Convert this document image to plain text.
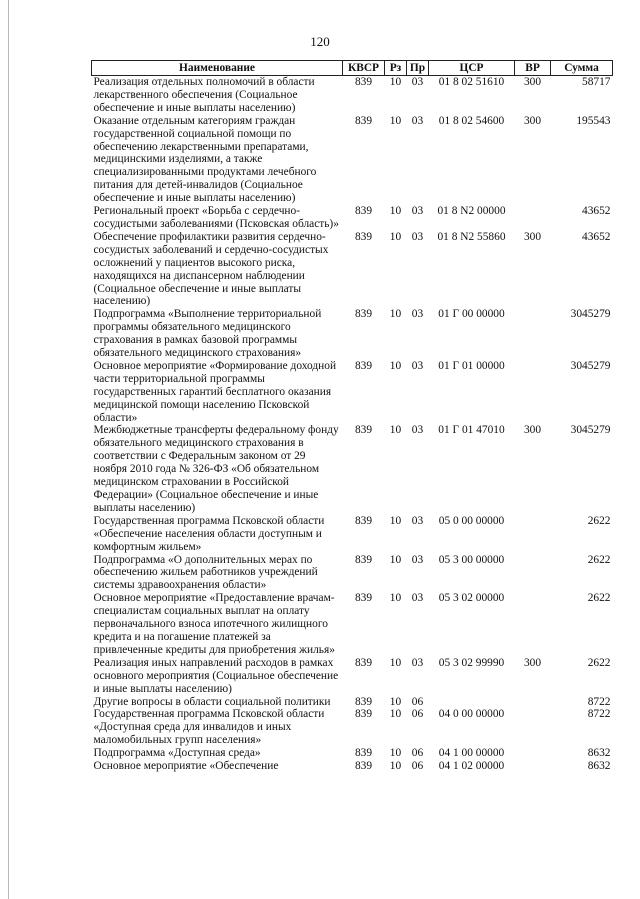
120
Наименование	КВСР	Рз	Пр	ЦСР	ВР	Сумма
Реализация отдельных полномочий в области лекарственного обеспечения (Социальное обеспечение и иные выплаты населению)	839	10	03	01 8 02 51610	300	58717
Оказание отдельным категориям граждан государственной социальной помощи по обеспечению лекарственными препаратами, медицинскими изделиями, а также специализированными продуктами лечебного питания для детей-инвалидов (Социальное обеспечение и иные выплаты населению)	839	10	03	01 8 02 54600	300	195543
Региональный проект «Борьба с сердечно-сосудистыми заболеваниями (Псковская область)»	839	10	03	01 8 N2 00000		43652
Обеспечение профилактики развития сердечно-сосудистых заболеваний и сердечно-сосудистых осложнений у пациентов высокого риска, находящихся на диспансерном наблюдении (Социальное обеспечение и иные выплаты населению)	839	10	03	01 8 N2 55860	300	43652
Подпрограмма «Выполнение территориальной программы обязательного медицинского страхования в рамках базовой программы обязательного медицинского страхования»	839	10	03	01 Г 00 00000		3045279
Основное мероприятие «Формирование доходной части территориальной программы государственных гарантий бесплатного оказания медицинской помощи населению Псковской области»	839	10	03	01 Г 01 00000		3045279
Межбюджетные трансферты федеральному фонду обязательного медицинского страхования в соответствии с Федеральным законом от 29 ноября 2010 года № 326-ФЗ «Об обязательном медицинском страховании в Российской Федерации» (Социальное обеспечение и иные выплаты населению)	839	10	03	01 Г 01 47010	300	3045279
Государственная программа Псковской области «Обеспечение населения области доступным и комфортным жильем»	839	10	03	05 0 00 00000		2622
Подпрограмма «О дополнительных мерах по обеспечению жильем работников учреждений системы здравоохранения области»	839	10	03	05 3 00 00000		2622
Основное мероприятие «Предоставление врачам-специалистам социальных выплат на оплату первоначального взноса ипотечного жилищного кредита и на погашение платежей за привлеченные кредиты для приобретения жилья»	839	10	03	05 3 02 00000		2622
Реализация иных направлений расходов в рамках основного мероприятия (Социальное обеспечение и иные выплаты населению)	839	10	03	05 3 02 99990	300	2622
Другие вопросы в области социальной политики	839	10	06			8722
Государственная программа Псковской области «Доступная среда для инвалидов и иных маломобильных групп населения»	839	10	06	04 0 00 00000		8722
Подпрограмма «Доступная среда»	839	10	06	04 1 00 00000		8632
Основное мероприятие «Обеспечение	839	10	06	04 1 02 00000		8632
